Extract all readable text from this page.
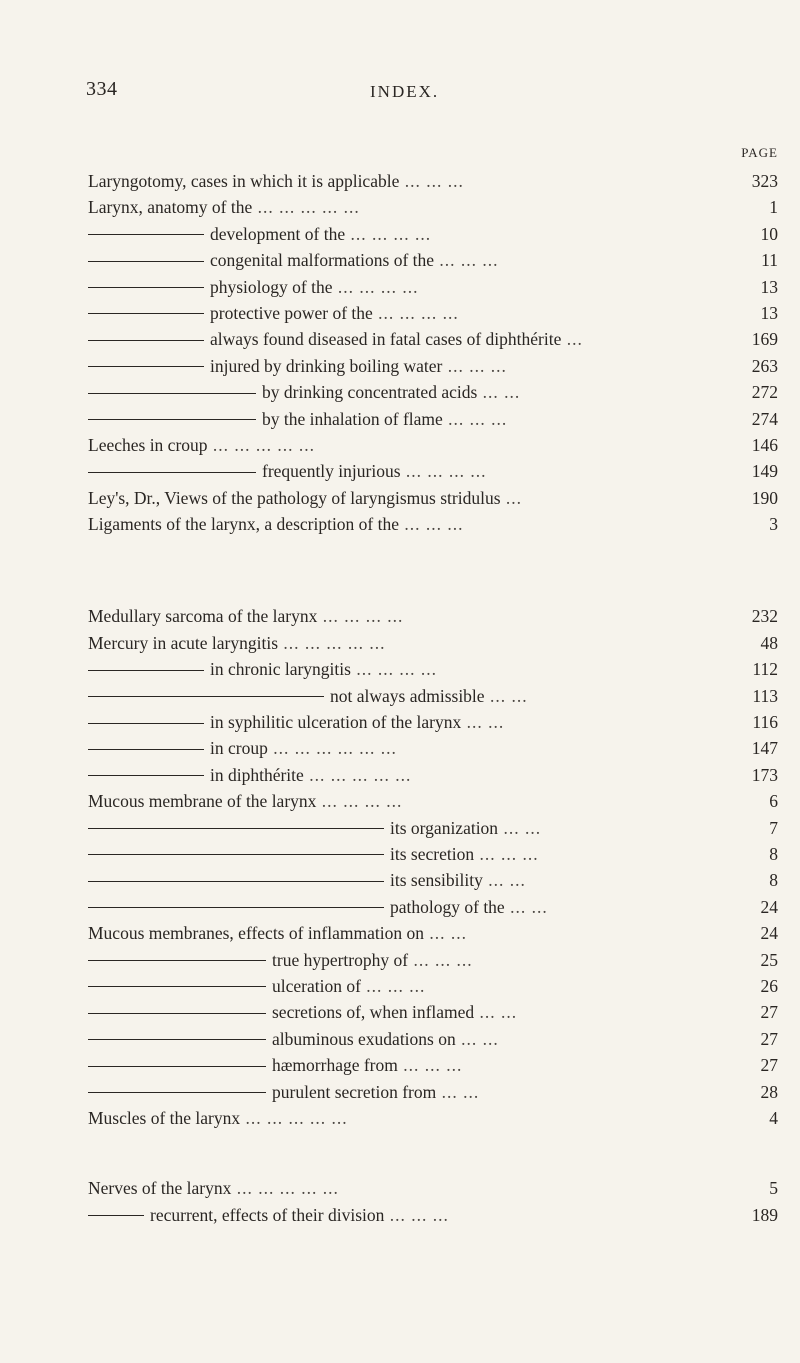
334	INDEX.
PAGE
Laryngotomy, cases in which it is applicable ... ... ...	323
Larynx, anatomy of the ... ... ... ... ...	1
development of the ... ... ... ...	10
congenital malformations of the ... ... ...	11
physiology of the ... ... ... ...	13
protective power of the ... ... ... ...	13
always found diseased in fatal cases of diphthérite ...	169
injured by drinking boiling water ... ... ...	263
by drinking concentrated acids ... ...	272
by the inhalation of flame ... ... ...	274
Leeches in croup ... ... ... ... ...	146
frequently injurious ... ... ... ...	149
Ley's, Dr., Views of the pathology of laryngismus stridulus ...	190
Ligaments of the larynx, a description of the ... ... ...	3
Medullary sarcoma of the larynx ... ... ... ...	232
Mercury in acute laryngitis ... ... ... ... ...	48
in chronic laryngitis ... ... ... ...	112
not always admissible ... ...	113
in syphilitic ulceration of the larynx ... ...	116
in croup ... ... ... ... ... ...	147
in diphthérite ... ... ... ... ...	173
Mucous membrane of the larynx ... ... ... ...	6
its organization ... ...	7
its secretion ... ... ...	8
its sensibility ... ...	8
pathology of the ... ...	24
Mucous membranes, effects of inflammation on ... ...	24
true hypertrophy of ... ... ...	25
ulceration of ... ... ...	26
secretions of, when inflamed ... ...	27
albuminous exudations on ... ...	27
hæmorrhage from ... ... ...	27
purulent secretion from ... ...	28
Muscles of the larynx ... ... ... ... ...	4
Nerves of the larynx ... ... ... ... ...	5
recurrent, effects of their division ... ... ...	189
